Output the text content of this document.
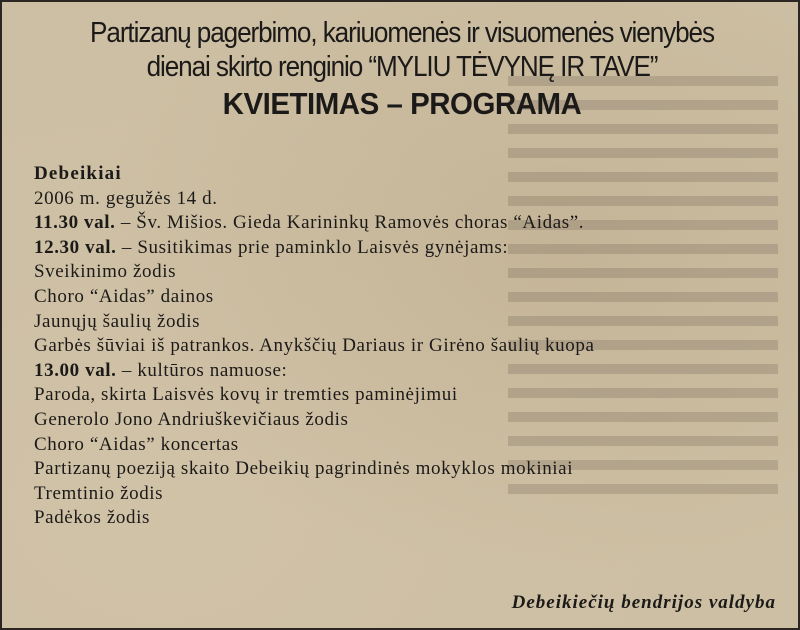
Partizanų pagerbimo, kariuomenės ir visuomenės vienybės
dienai skirto renginio “MYLIU TĖVYNĘ IR TAVE”
KVIETIMAS – PROGRAMA
Debeikiai
2006 m. gegužės 14 d.
11.30 val. – Šv. Mišios. Gieda Karininkų Ramovės choras “Aidas”.
12.30 val. – Susitikimas prie paminklo Laisvės gynėjams:
Sveikinimo žodis
Choro “Aidas” dainos
Jaunųjų šaulių žodis
Garbės šūviai iš patrankos. Anykščių Dariaus ir Girėno šaulių kuopa
13.00 val. – kultūros namuose:
Paroda, skirta Laisvės kovų ir tremties paminėjimui
Generolo Jono Andriuškevičiaus žodis
Choro “Aidas” koncertas
Partizanų poeziją skaito Debeikių pagrindinės mokyklos mokiniai
Tremtinio žodis
Padėkos žodis
Debeikiečių bendrijos valdyba
